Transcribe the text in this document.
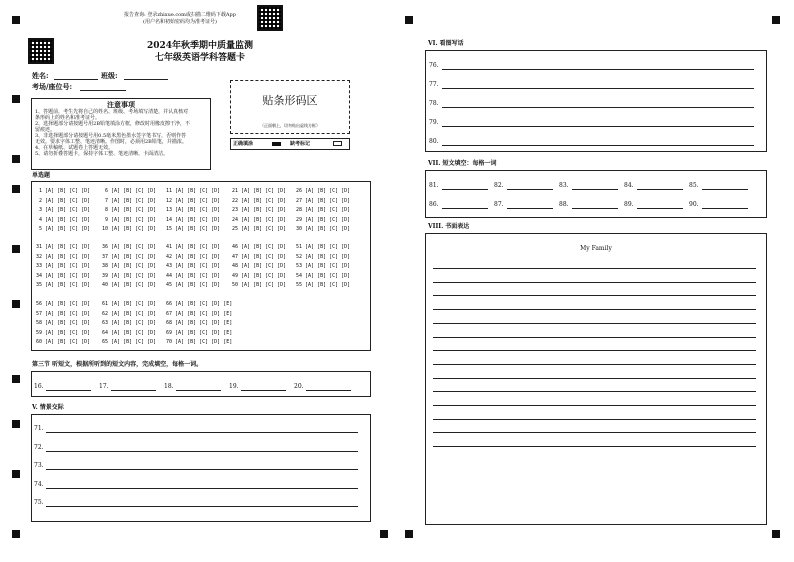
报告查询: 登录zhixue.com或扫描二维码下载App
(用户名和初始密码均为准考证号)
2024年秋季期中质量监测
七年级英语学科答题卡
姓名:	班级:
考场/座位号:
注意事项
1、答题前，考生先将自己的姓名、班级、考场填写清楚，并认真核对
条形码上的姓名和准考证号。
2、选择题部分请按题号用2B铅笔填涂方框，修改时用橡皮擦干净，不
留痕迹。
3、非选择题部分请按题号用0.5毫米黑色墨水签字笔书写，否则作答
无效。要求字体工整、笔迹清晰。作图时，必须用2B铅笔，并描浓。
4、在草稿纸、试题卷上答题无效。
5、请勿折叠答题卡，保持字体工整、笔迹清晰、卡面清洁。
贴条形码区
（正面朝上，切勿贴出虚线方框）
正确填涂	缺考标记
单选题
1 [A] [B] [C] [D] 6 [A] [B] [C] [D] 11 [A] [B] [C] [D] 21 [A] [B] [C] [D] 26 [A] [B] [C] [D]
2 [A] [B] [C] [D] 7 [A] [B] [C] [D] 12 [A] [B] [C] [D] 22 [A] [B] [C] [D] 27 [A] [B] [C] [D]
3 [A] [B] [C] [D] 8 [A] [B] [C] [D] 13 [A] [B] [C] [D] 23 [A] [B] [C] [D] 28 [A] [B] [C] [D]
4 [A] [B] [C] [D] 9 [A] [B] [C] [D] 14 [A] [B] [C] [D] 24 [A] [B] [C] [D] 29 [A] [B] [C] [D]
5 [A] [B] [C] [D] 10 [A] [B] [C] [D] 15 [A] [B] [C] [D] 25 [A] [B] [C] [D] 30 [A] [B] [C] [D]
31 [A] [B] [C] [D] 36 [A] [B] [C] [D] 41 [A] [B] [C] [D] 46 [A] [B] [C] [D] 51 [A] [B] [C] [D]
32 [A] [B] [C] [D] 37 [A] [B] [C] [D] 42 [A] [B] [C] [D] 47 [A] [B] [C] [D] 52 [A] [B] [C] [D]
33 [A] [B] [C] [D] 38 [A] [B] [C] [D] 43 [A] [B] [C] [D] 48 [A] [B] [C] [D] 53 [A] [B] [C] [D]
34 [A] [B] [C] [D] 39 [A] [B] [C] [D] 44 [A] [B] [C] [D] 49 [A] [B] [C] [D] 54 [A] [B] [C] [D]
35 [A] [B] [C] [D] 40 [A] [B] [C] [D] 45 [A] [B] [C] [D] 50 [A] [B] [C] [D] 55 [A] [B] [C] [D]
56 [A] [B] [C] [D] 61 [A] [B] [C] [D] 66 [A] [B] [C] [D] [E]
57 [A] [B] [C] [D] 62 [A] [B] [C] [D] 67 [A] [B] [C] [D] [E]
58 [A] [B] [C] [D] 63 [A] [B] [C] [D] 68 [A] [B] [C] [D] [E]
59 [A] [B] [C] [D] 64 [A] [B] [C] [D] 69 [A] [B] [C] [D] [E]
60 [A] [B] [C] [D] 65 [A] [B] [C] [D] 70 [A] [B] [C] [D] [E]
第三节 听短文，根据所听到的短文内容，完成填空，每格一词。
16.	17.	18.	19.	20.
V. 情景交际
71.
72.
73.
74.
75.
VI. 看图写话
76.
77.
78.
79.
80.
VII. 短文填空：每格一词
81.	82.	83.	84.	85.
86.	87.	88.	89.	90.
VIII. 书面表达
My Family
